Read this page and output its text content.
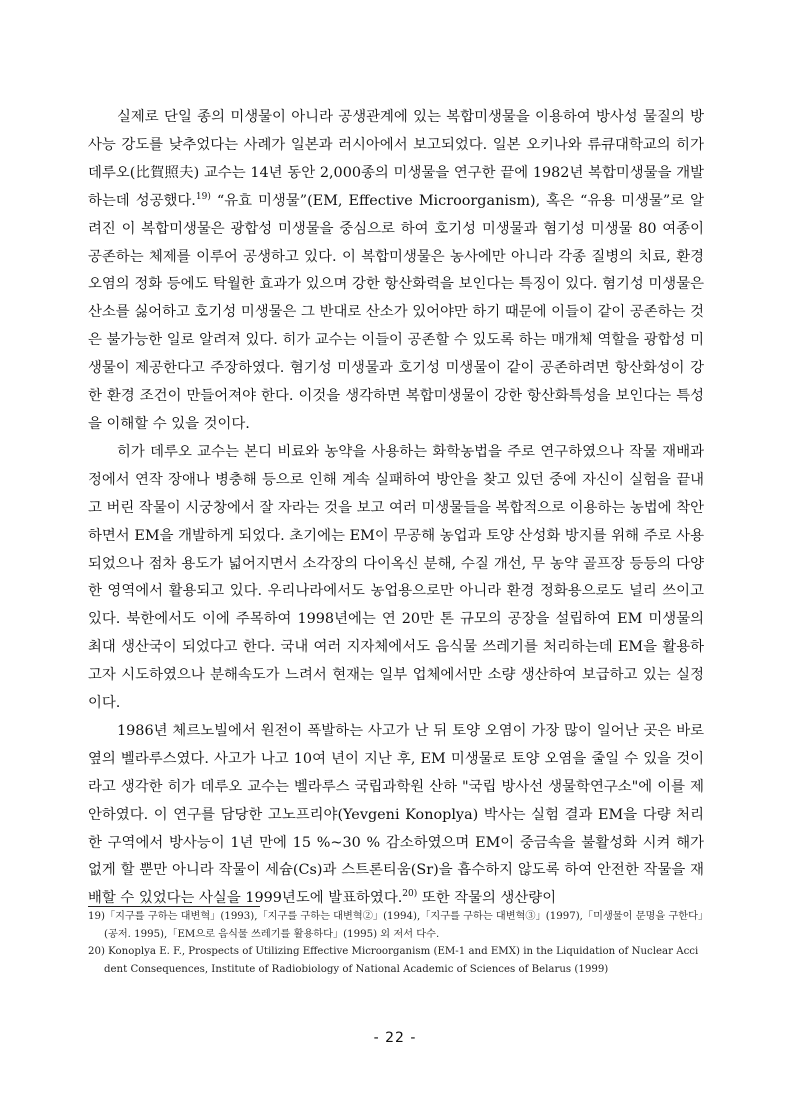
실제로 단일 종의 미생물이 아니라 공생관계에 있는 복합미생물을 이용하여 방사성 물질의 방사능 강도를 낮추었다는 사례가 일본과 러시아에서 보고되었다. 일본 오키나와 류큐대학교의 히가 데루오(比賀照夫) 교수는 14년 동안 2,000종의 미생물을 연구한 끝에 1982년 복합미생물을 개발하는데 성공했다.$^{19)}$ “유효 미생물”(EM, Effective Microorganism), 혹은 “유용 미생물”로 알려진 이 복합미생물은 광합성 미생물을 중심으로 하여 호기성 미생물과 혐기성 미생물 80 여종이 공존하는 체제를 이루어 공생하고 있다. 이 복합미생물은 농사에만 아니라 각종 질병의 치료, 환경 오염의 정화 등에도 탁월한 효과가 있으며 강한 항산화력을 보인다는 특징이 있다. 혐기성 미생물은 산소를 싫어하고 호기성 미생물은 그 반대로 산소가 있어야만 하기 때문에 이들이 같이 공존하는 것은 불가능한 일로 알려져 있다. 히가 교수는 이들이 공존할 수 있도록 하는 매개체 역할을 광합성 미생물이 제공한다고 주장하였다. 혐기성 미생물과 호기성 미생물이 같이 공존하려면 항산화성이 강한 환경 조건이 만들어져야 한다. 이것을 생각하면 복합미생물이 강한 항산화특성을 보인다는 특성을 이해할 수 있을 것이다.

히가 데루오 교수는 본디 비료와 농약을 사용하는 화학농법을 주로 연구하였으나 작물 재배과정에서 연작 장애나 병충해 등으로 인해 계속 실패하여 방안을 찾고 있던 중에 자신이 실험을 끝내고 버린 작물이 시궁창에서 잘 자라는 것을 보고 여러 미생물들을 복합적으로 이용하는 농법에 착안하면서 EM을 개발하게 되었다. 초기에는 EM이 무공해 농업과 토양 산성화 방지를 위해 주로 사용되었으나 점차 용도가 넓어지면서 소각장의 다이옥신 분해, 수질 개선, 무 농약 골프장 등등의 다양한 영역에서 활용되고 있다. 우리나라에서도 농업용으로만 아니라 환경 정화용으로도 널리 쓰이고 있다. 북한에서도 이에 주목하여 1998년에는 연 20만 톤 규모의 공장을 설립하여 EM 미생물의 최대 생산국이 되었다고 한다. 국내 여러 지자체에서도 음식물 쓰레기를 처리하는데 EM을 활용하고자 시도하였으나 분해속도가 느려서 현재는 일부 업체에서만 소량 생산하여 보급하고 있는 실정이다.

1986년 체르노빌에서 원전이 폭발하는 사고가 난 뒤 토양 오염이 가장 많이 일어난 곳은 바로 옆의 벨라루스였다. 사고가 나고 10여 년이 지난 후, EM 미생물로 토양 오염을 줄일 수 있을 것이라고 생각한 히가 데루오 교수는 벨라루스 국립과학원 산하 "국립 방사선 생물학연구소"에 이를 제안하였다. 이 연구를 담당한 고노프리야(Yevgeni Konoplya) 박사는 실험 결과 EM을 다량 처리한 구역에서 방사능이 1년 만에 15 %~30 % 감소하였으며 EM이 중금속을 불활성화 시켜 해가 없게 할 뿐만 아니라 작물이 세슘(Cs)과 스트론티움(Sr)을 흡수하지 않도록 하여 안전한 작물을 재배할 수 있었다는 사실을 1999년도에 발표하였다.$^{20)}$ 또한 작물의 생산량이

19)「지구를 구하는 대변혁」(1993),「지구를 구하는 대변혁②」(1994),「지구를 구하는 대변혁③」(1997),「미생물이 문명을 구한다」(공저. 1995),「EM으로 음식물 쓰레기를 활용하다」(1995) 외 저서 다수.

20) Konoplya E. F., Prospects of Utilizing Effective Microorganism (EM-1 and EMX) in the Liquidation of Nuclear Accident Consequences, Institute of Radiobiology of National Academic of Sciences of Belarus (1999)

- 22 -
